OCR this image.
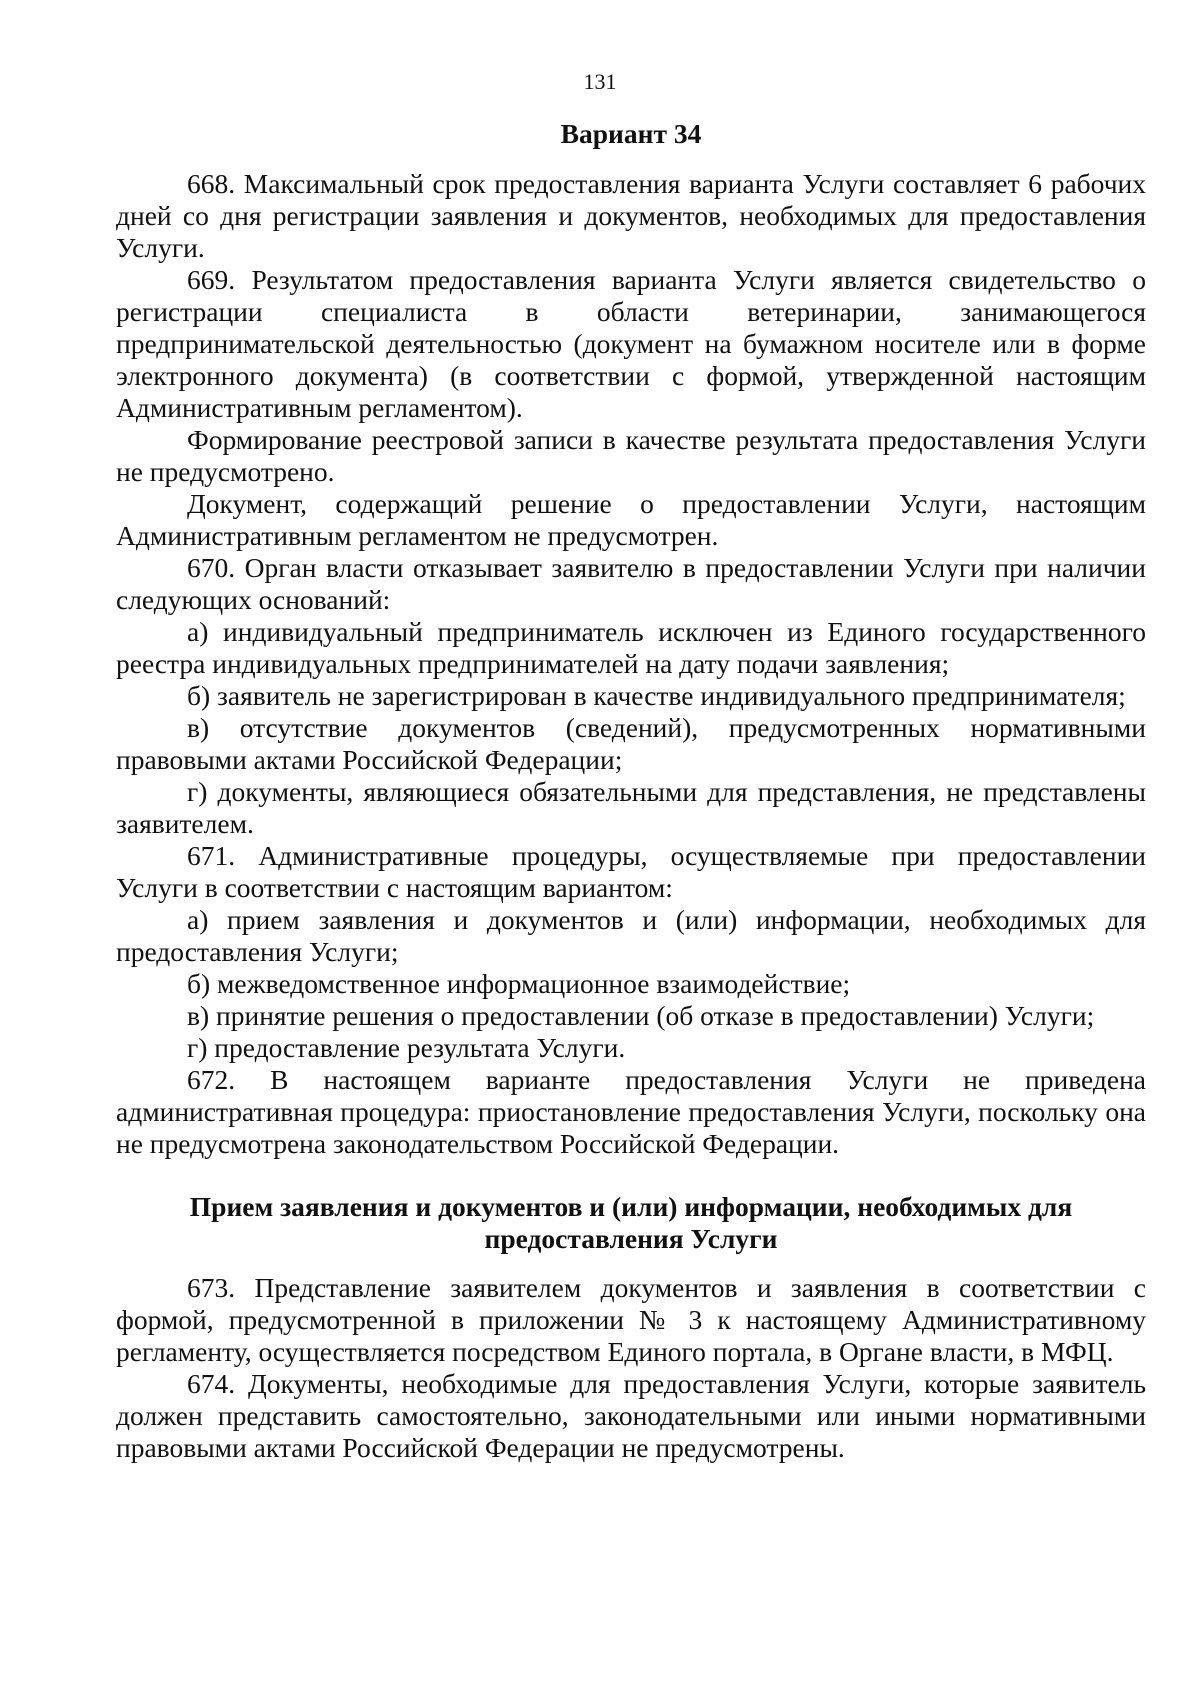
131
Вариант 34

668. Максимальный срок предоставления варианта Услуги составляет 6 рабочих дней со дня регистрации заявления и документов, необходимых для предоставления Услуги.

669. Результатом предоставления варианта Услуги является свидетельство о регистрации специалиста в области ветеринарии, занимающегося предпринимательской деятельностью (документ на бумажном носителе или в форме электронного документа) (в соответствии с формой, утвержденной настоящим Административным регламентом).

Формирование реестровой записи в качестве результата предоставления Услуги не предусмотрено.

Документ, содержащий решение о предоставлении Услуги, настоящим Административным регламентом не предусмотрен.

670. Орган власти отказывает заявителю в предоставлении Услуги при наличии следующих оснований:

а) индивидуальный предприниматель исключен из Единого государственного реестра индивидуальных предпринимателей на дату подачи заявления;

б) заявитель не зарегистрирован в качестве индивидуального предпринимателя;

в) отсутствие документов (сведений), предусмотренных нормативными правовыми актами Российской Федерации;

г) документы, являющиеся обязательными для представления, не представлены заявителем.

671. Административные процедуры, осуществляемые при предоставлении Услуги в соответствии с настоящим вариантом:

а) прием заявления и документов и (или) информации, необходимых для предоставления Услуги;

б) межведомственное информационное взаимодействие;

в) принятие решения о предоставлении (об отказе в предоставлении) Услуги;

г) предоставление результата Услуги.

672. В настоящем варианте предоставления Услуги не приведена административная процедура: приостановление предоставления Услуги, поскольку она не предусмотрена законодательством Российской Федерации.

Прием заявления и документов и (или) информации, необходимых для
предоставления Услуги

673. Представление заявителем документов и заявления в соответствии с формой, предусмотренной в приложении № 3 к настоящему Административному регламенту, осуществляется посредством Единого портала, в Органе власти, в МФЦ.

674. Документы, необходимые для предоставления Услуги, которые заявитель должен представить самостоятельно, законодательными или иными нормативными правовыми актами Российской Федерации не предусмотрены.
